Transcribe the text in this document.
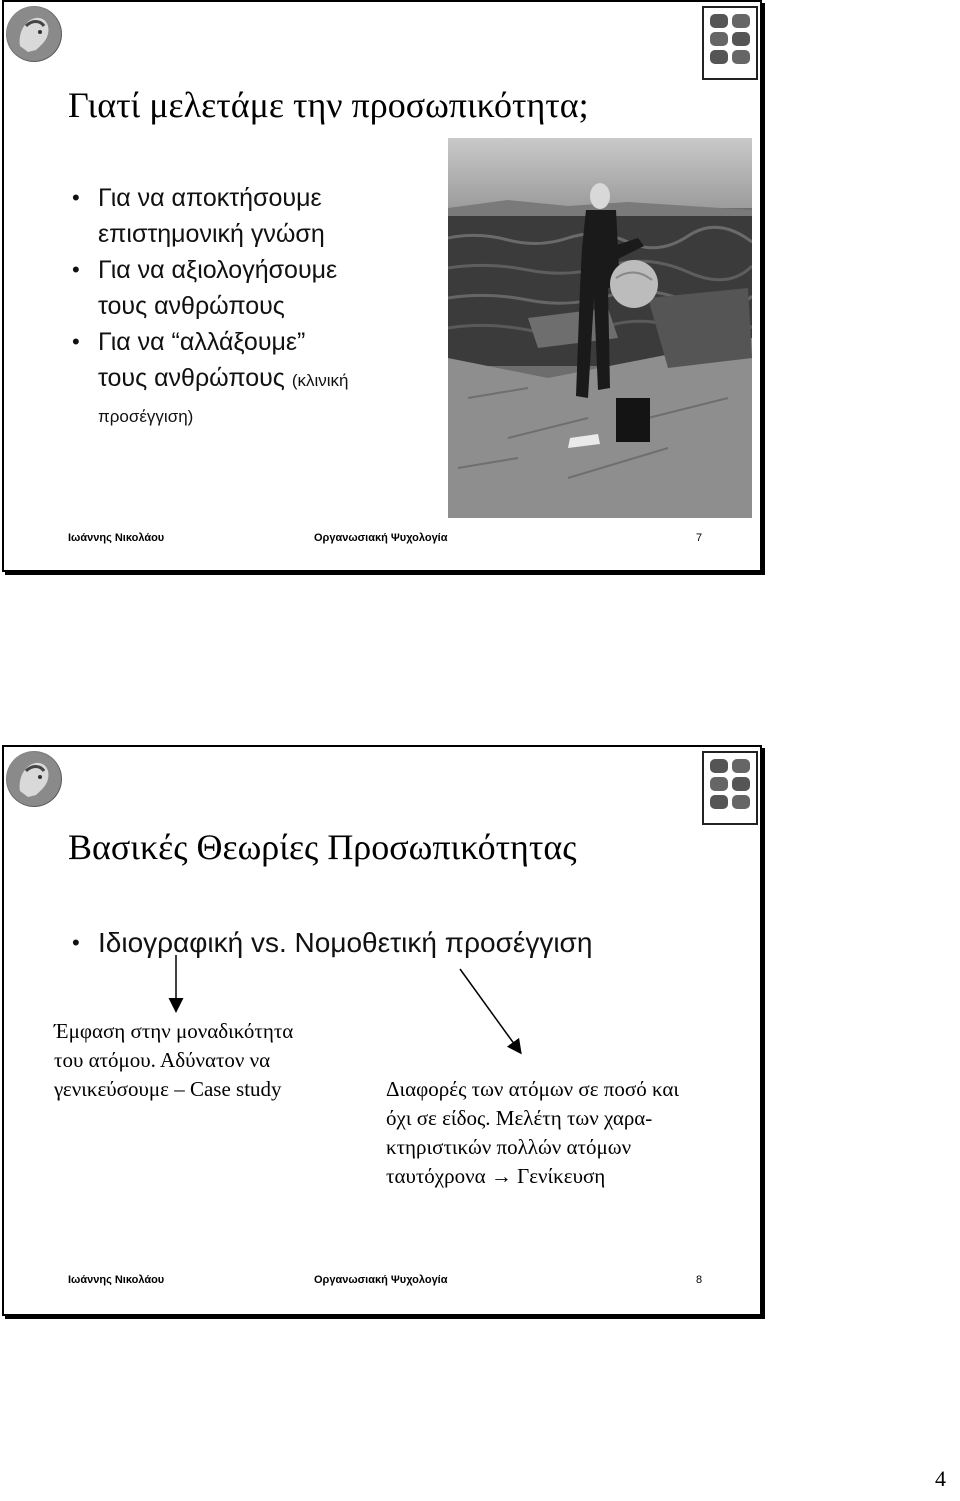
Γιατί μελετάμε την προσωπικότητα;
• Για να αποκτήσουμε
επιστημονική γνώση
• Για να αξιολογήσουμε
τους ανθρώπους
• Για να “αλλάξουμε”
τους ανθρώπους (κλινική
προσέγγιση)
Ιωάννης Νικολάου	Οργανωσιακή Ψυχολογία	7
Βασικές Θεωρίες Προσωπικότητας
• Ιδιογραφική vs. Νομοθετική προσέγγιση
Έμφαση στην μοναδικότητα
του ατόμου. Αδύνατον να
γενικεύσουμε – Case study	Διαφορές των ατόμων σε ποσό και
όχι σε είδος. Μελέτη των χαρα-
κτηριστικών πολλών ατόμων
ταυτόχρονα → Γενίκευση
Ιωάννης Νικολάου	Οργανωσιακή Ψυχολογία	8
4
